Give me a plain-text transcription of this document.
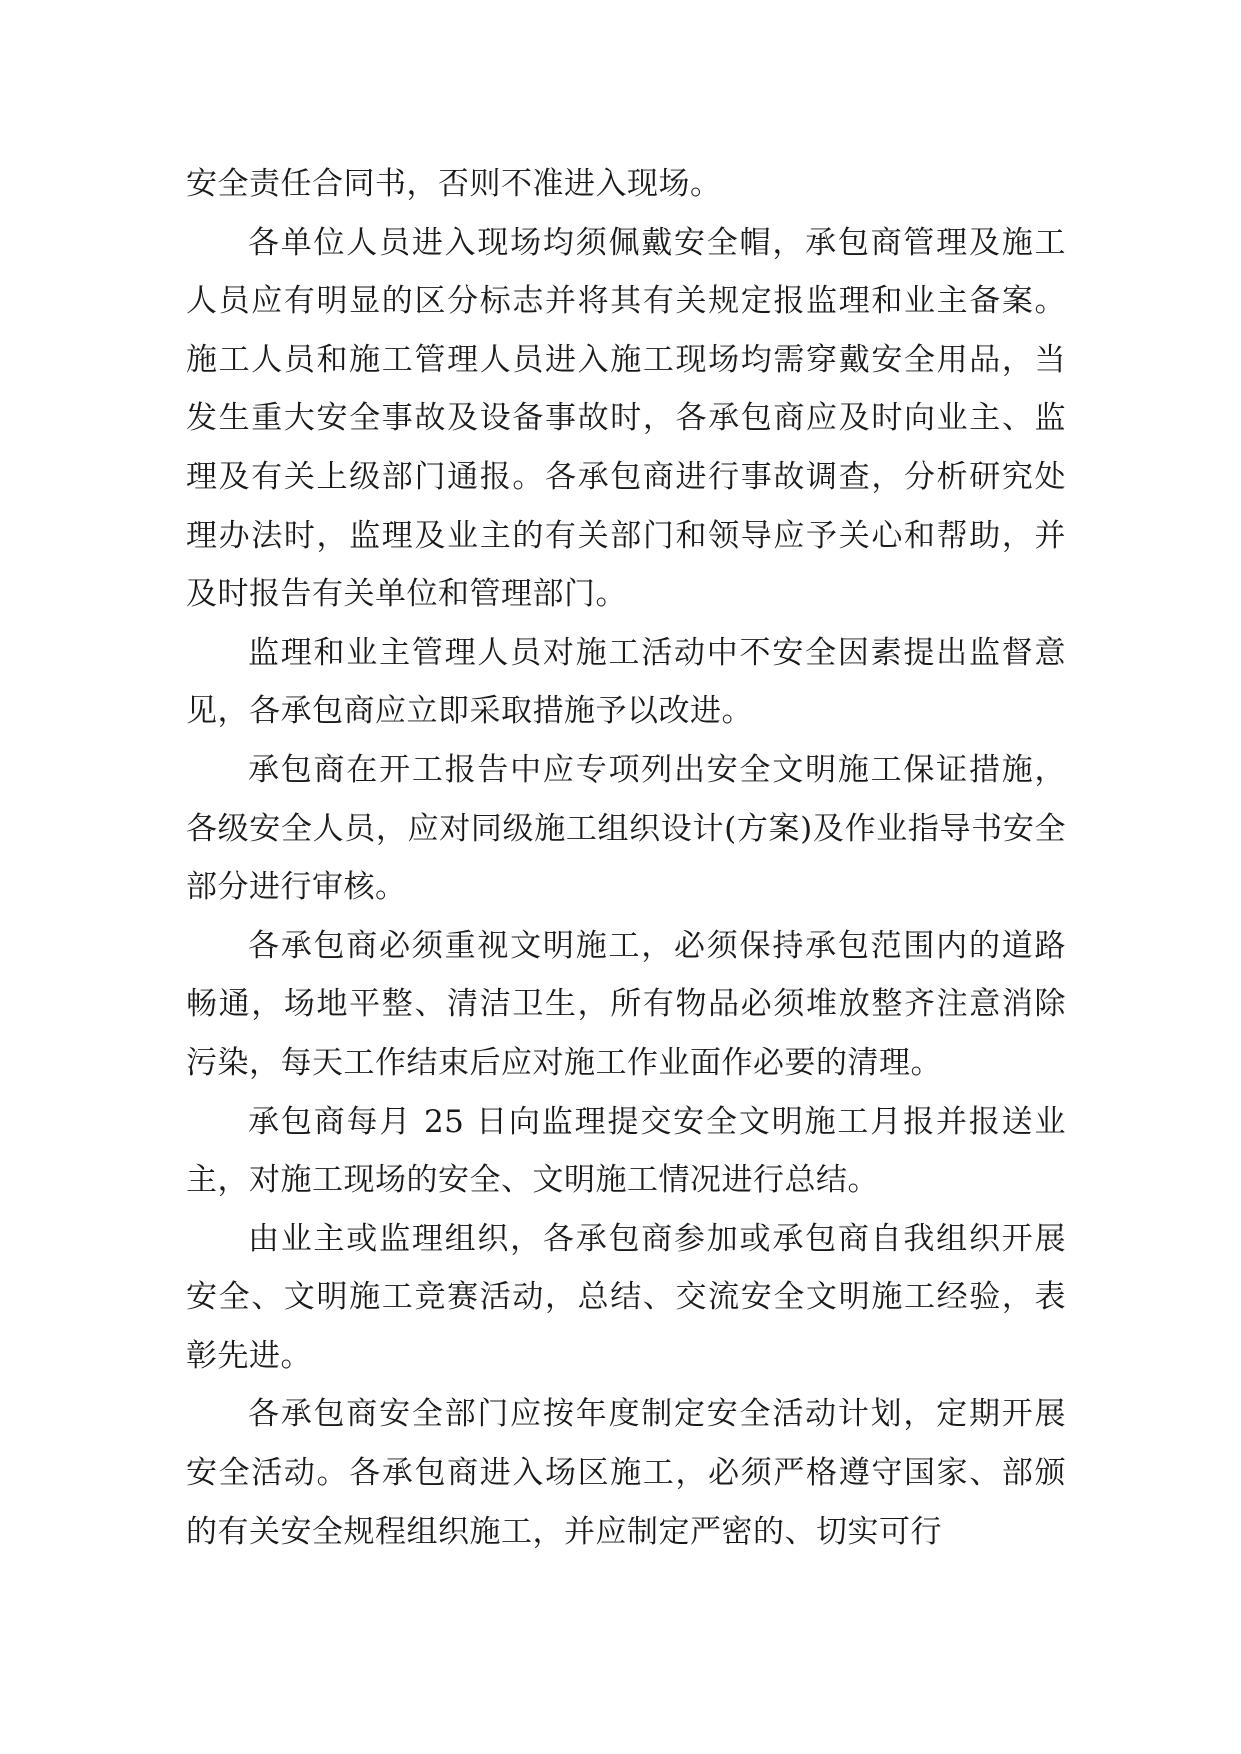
安全责任合同书，否则不准进入现场。

各单位人员进入现场均须佩戴安全帽，承包商管理及施工人员应有明显的区分标志并将其有关规定报监理和业主备案。施工人员和施工管理人员进入施工现场均需穿戴安全用品，当发生重大安全事故及设备事故时，各承包商应及时向业主、监理及有关上级部门通报。各承包商进行事故调查，分析研究处理办法时，监理及业主的有关部门和领导应予关心和帮助，并及时报告有关单位和管理部门。

监理和业主管理人员对施工活动中不安全因素提出监督意见，各承包商应立即采取措施予以改进。

承包商在开工报告中应专项列出安全文明施工保证措施，各级安全人员，应对同级施工组织设计(方案)及作业指导书安全部分进行审核。

各承包商必须重视文明施工，必须保持承包范围内的道路畅通，场地平整、清洁卫生，所有物品必须堆放整齐注意消除污染，每天工作结束后应对施工作业面作必要的清理。

承包商每月 25 日向监理提交安全文明施工月报并报送业主，对施工现场的安全、文明施工情况进行总结。

由业主或监理组织，各承包商参加或承包商自我组织开展安全、文明施工竞赛活动，总结、交流安全文明施工经验，表彰先进。

各承包商安全部门应按年度制定安全活动计划，定期开展安全活动。各承包商进入场区施工，必须严格遵守国家、部颁的有关安全规程组织施工，并应制定严密的、切实可行
